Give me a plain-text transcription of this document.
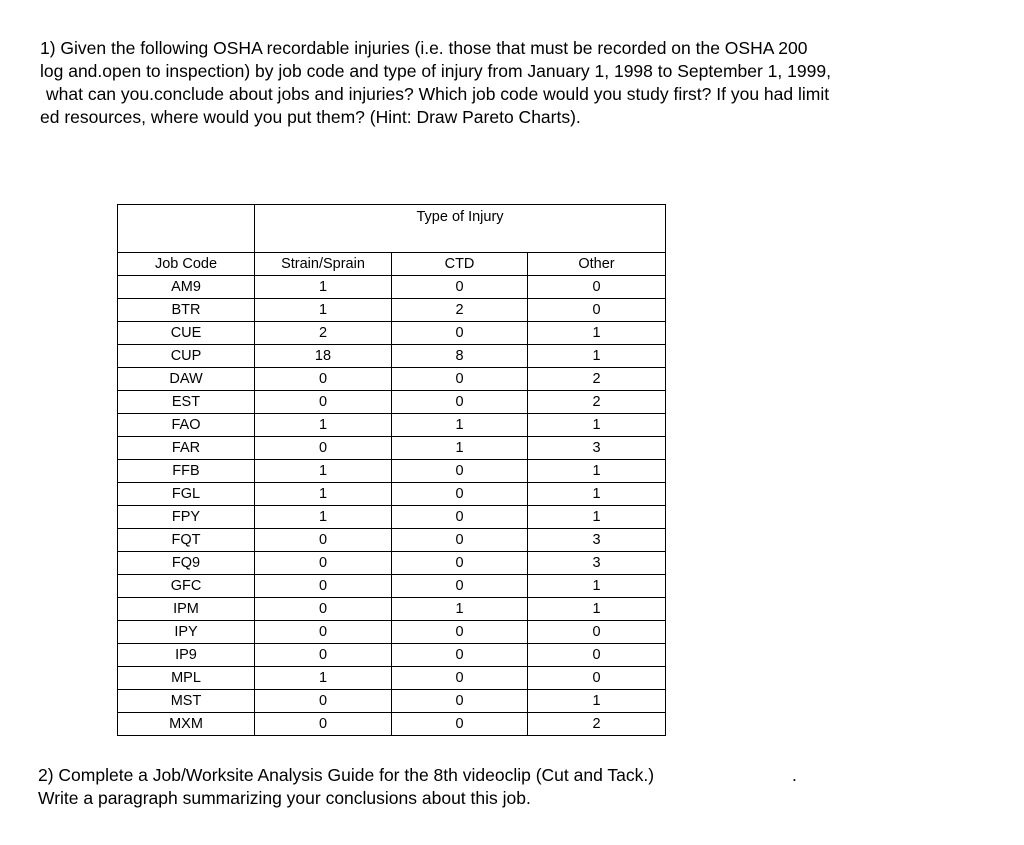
1) Given the following OSHA recordable injuries (i.e. those that must be recorded on the OSHA 200
log and.open to inspection) by job code and type of injury from January 1, 1998 to September 1, 1999,
what can you.conclude about jobs and injuries? Which job code would you study first? If you had limit
ed resources, where would you put them? (Hint: Draw Pareto Charts).
	Type of Injury		
Job Code	Strain/Sprain	CTD	Other
AM9	1	0	0
BTR	1	2	0
CUE	2	0	1
CUP	18	8	1
DAW	0	0	2
EST	0	0	2
FAO	1	1	1
FAR	0	1	3
FFB	1	0	1
FGL	1	0	1
FPY	1	0	1
FQT	0	0	3
FQ9	0	0	3
GFC	0	0	1
IPM	0	1	1
IPY	0	0	0
IP9	0	0	0
MPL	1	0	0
MST	0	0	1
MXM	0	0	2
2) Complete a Job/Worksite Analysis Guide for the 8th videoclip (Cut and Tack.)	.
Write a paragraph summarizing your conclusions about this job.
